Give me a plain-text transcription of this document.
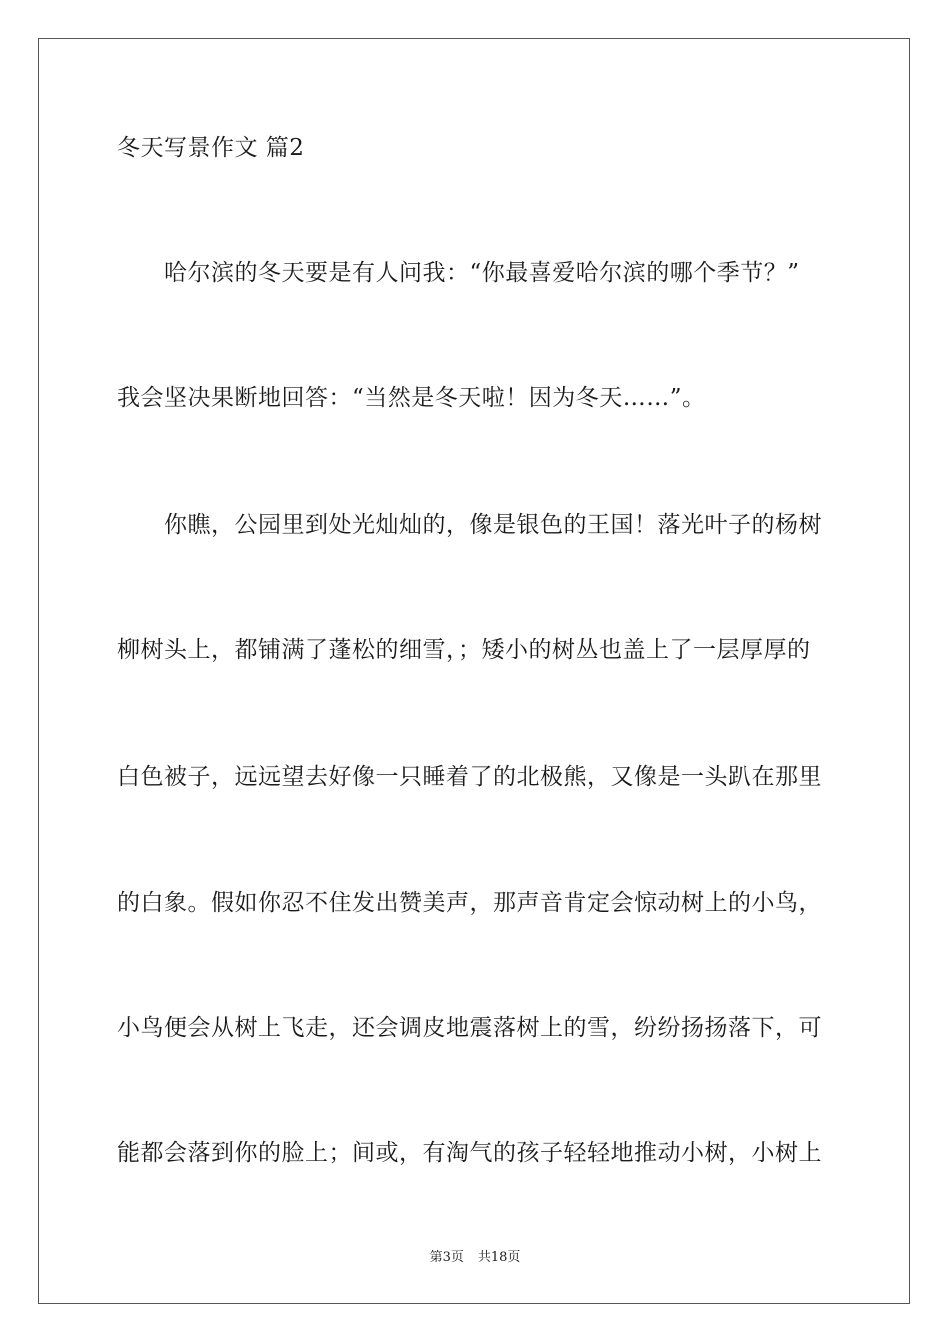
冬天写景作文 篇2
哈尔滨的冬天要是有人问我：“你最喜爱哈尔滨的哪个季节？”
我会坚决果断地回答：“当然是冬天啦！因为冬天……”。
你瞧，公园里到处光灿灿的，像是银色的王国！落光叶子的杨树
柳树头上，都铺满了蓬松的细雪，；矮小的树丛也盖上了一层厚厚的
白色被子，远远望去好像一只睡着了的北极熊，又像是一头趴在那里
的白象。假如你忍不住发出赞美声，那声音肯定会惊动树上的小鸟，
小鸟便会从树上飞走，还会调皮地震落树上的雪，纷纷扬扬落下，可
能都会落到你的脸上；间或，有淘气的孩子轻轻地推动小树，小树上
第3页 共18页
